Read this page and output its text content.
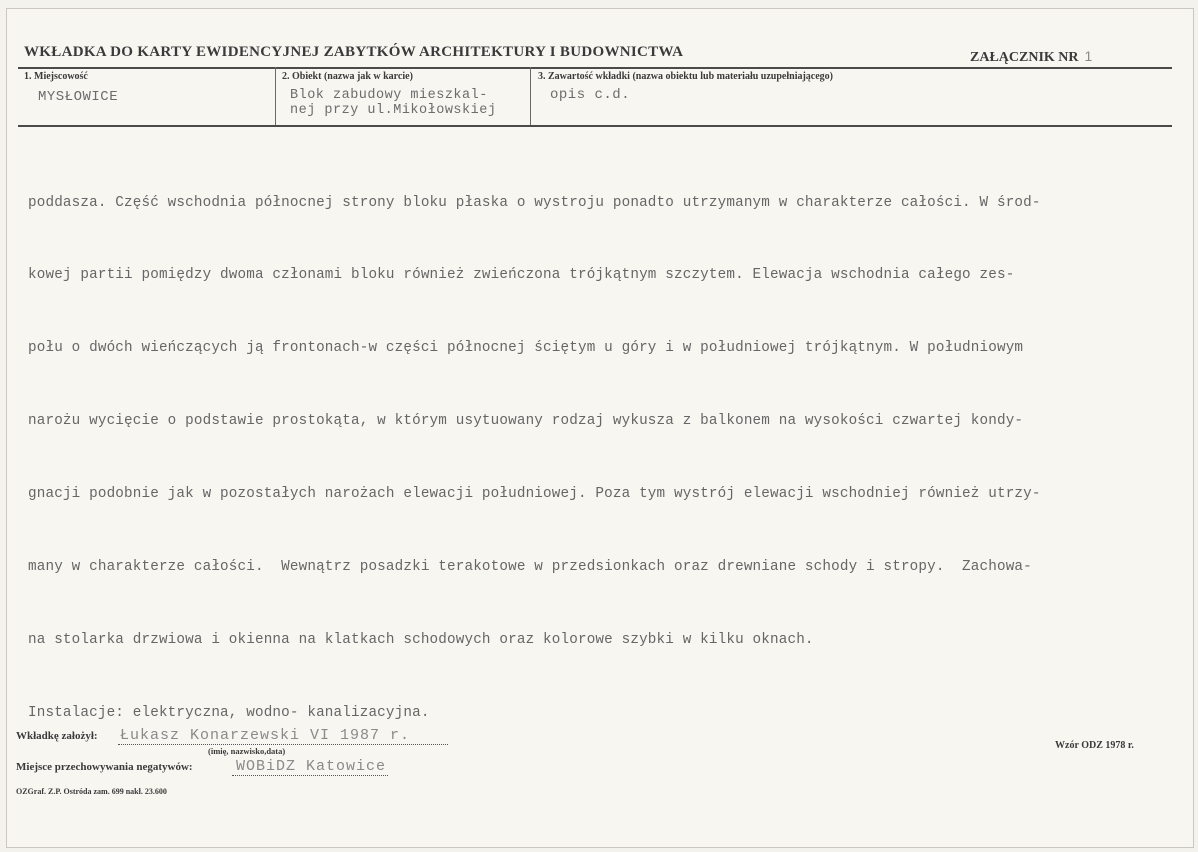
WKŁADKA DO KARTY EWIDENCYJNEJ ZABYTKÓW ARCHITEKTURY I BUDOWNICTWA	ZAŁĄCZNIK NR 1
1. Miejscowość
MYSŁOWICE
2. Obiekt (nazwa jak w karcie)
Blok zabudowy mieszkal-
nej przy ul.Mikołowskiej
3. Zawartość wkładki (nazwa obiektu lub materiału uzupełniającego)
opis c.d.

poddasza. Część wschodnia północnej strony bloku płaska o wystroju ponadto utrzymanym w charakterze całości. W środ-

kowej partii pomiędzy dwoma członami bloku również zwieńczona trójkątnym szczytem. Elewacja wschodnia całego zes-

połu o dwóch wieńczących ją frontonach-w części północnej ściętym u góry i w południowej trójkątnym. W południowym

narożu wycięcie o podstawie prostokąta, w którym usytuowany rodzaj wykusza z balkonem na wysokości czwartej kondy-

gnacji podobnie jak w pozostałych narożach elewacji południowej. Poza tym wystrój elewacji wschodniej również utrzy-

many w charakterze całości.  Wewnątrz posadzki terakotowe w przedsionkach oraz drewniane schody i stropy.  Zachowa-

na stolarka drzwiowa i okienna na klatkach schodowych oraz kolorowe szybki w kilku oknach.

Instalacje: elektryczna, wodno- kanalizacyjna.

Wkładkę założył: Łukasz Konarzewski VI 1987 r.
(imię, nazwisko,data)
Miejsce przechowywania negatywów:	WOBiDZ Katowice
OZGraf. Z.P. Ostróda zam. 699 nakł. 23.600
Wzór ODZ 1978 r.
